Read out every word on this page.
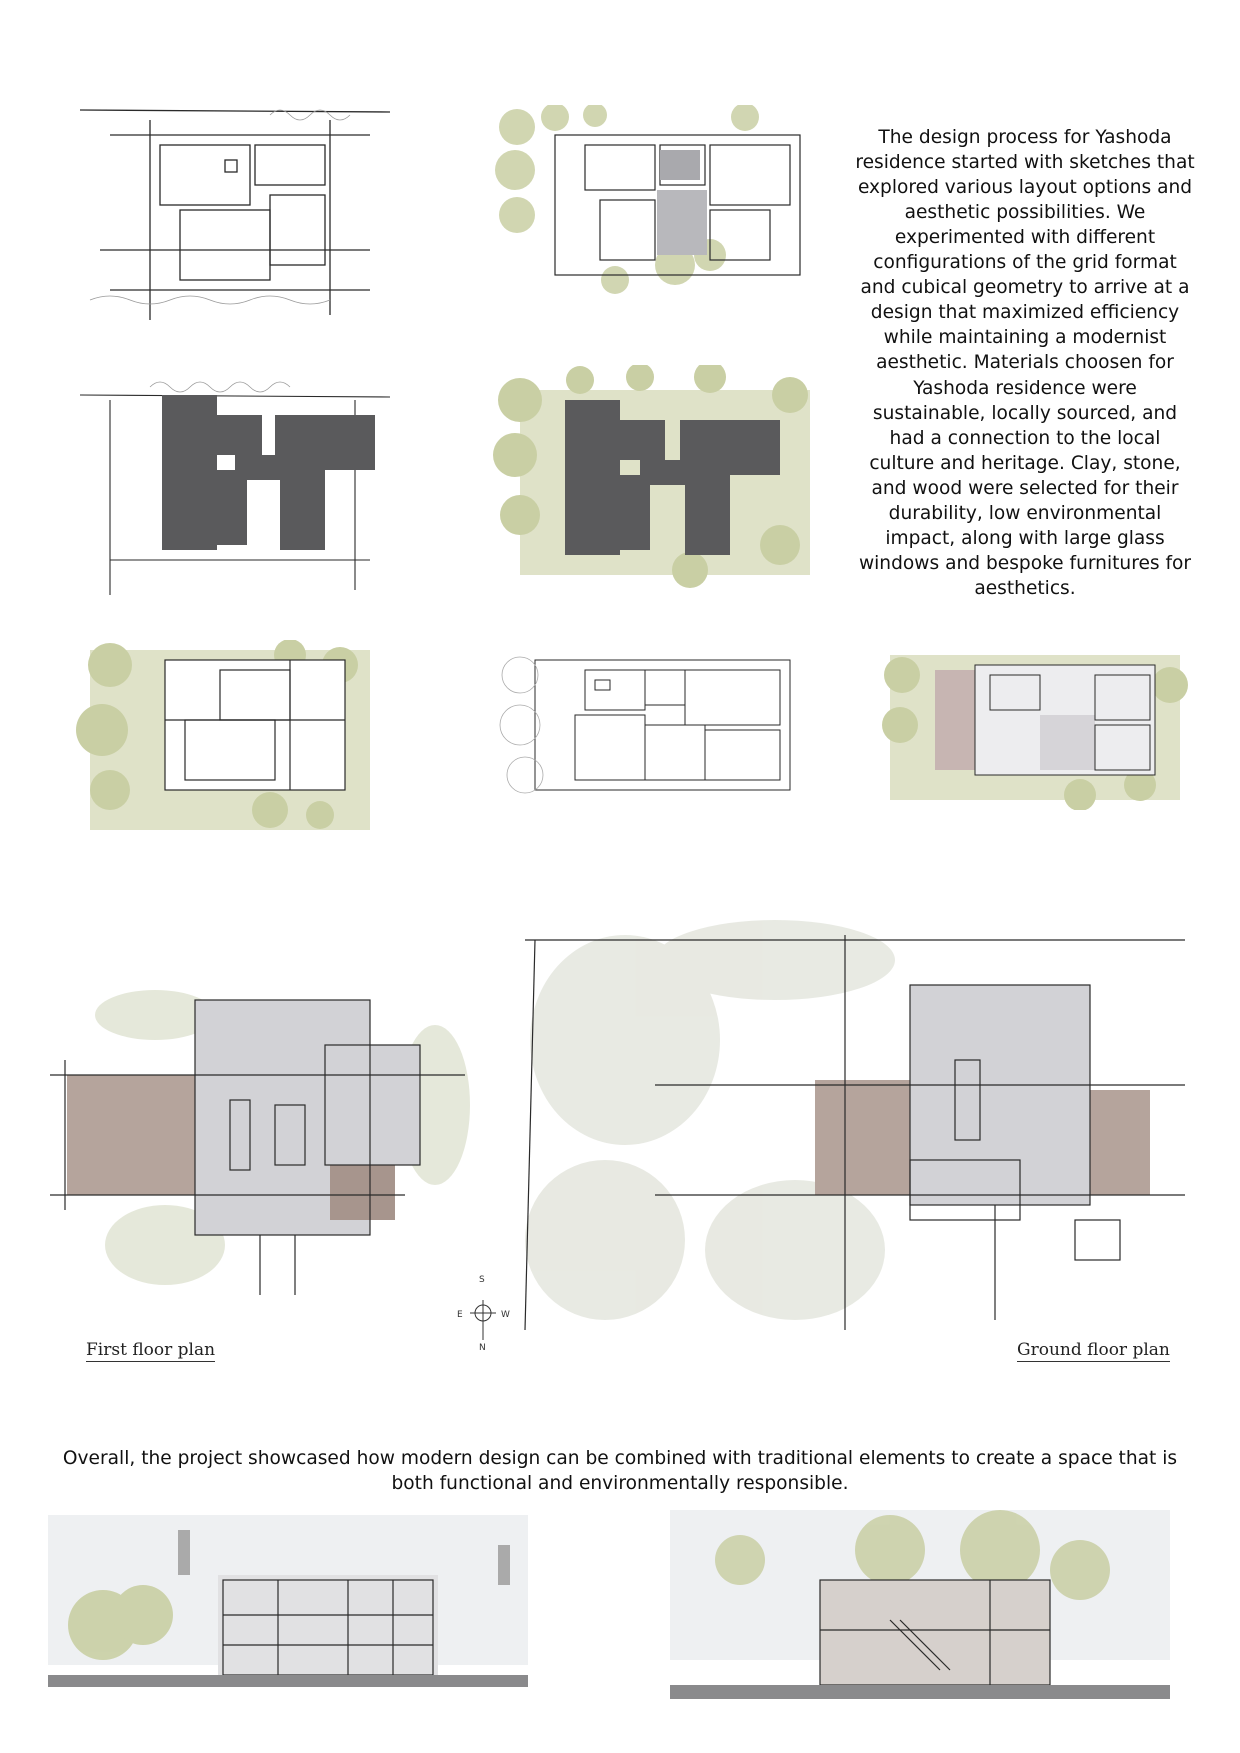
The design process for Yashoda residence started with sketches that explored various layout options and aesthetic possibilities. We experimented with different configurations of the grid format and cubical geometry to arrive at a design that maximized efficiency while maintaining a modernist aesthetic. Materials choosen for Yashoda residence were sustainable, locally sourced, and had a connection to the local culture and heritage. Clay, stone, and wood were selected for their durability, low environmental impact, along with large glass windows and bespoke furnitures for aesthetics.

S
E	W
N
First floor plan	Ground floor plan

Overall, the project showcased how modern design can be combined with traditional elements to create a space that is both functional and environmentally responsible.
